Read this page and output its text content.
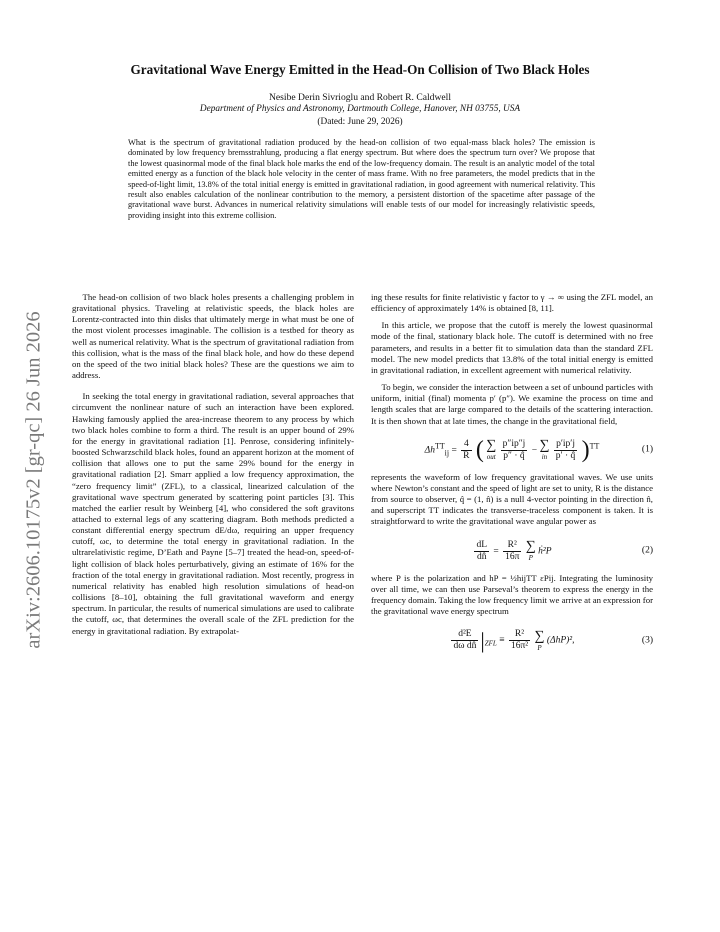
arXiv:2606.10175v2 [gr-qc] 26 Jun 2026
Gravitational Wave Energy Emitted in the Head-On Collision of Two Black Holes
Nesibe Derin Sivrioglu and Robert R. Caldwell
Department of Physics and Astronomy, Dartmouth College, Hanover, NH 03755, USA
(Dated: June 29, 2026)
What is the spectrum of gravitational radiation produced by the head-on collision of two equal-mass black holes? The emission is dominated by low frequency bremsstrahlung, producing a flat energy spectrum. But where does the spectrum turn over? We propose that the lowest quasinormal mode of the final black hole marks the end of the low-frequency domain. The result is an analytic model of the total emitted energy as a function of the black hole velocity in the center of mass frame. With no free parameters, the model predicts that in the speed-of-light limit, 13.8% of the total initial energy is emitted in gravitational radiation, in good agreement with numerical relativity. This result also enables calculation of the nonlinear contribution to the memory, a persistent distortion of the spacetime after passage of the gravitational wave burst. Advances in numerical relativity simulations will enable tests of our model for increasingly relativistic speeds, providing insight into this extreme collision.

The head-on collision of two black holes presents a challenging problem in gravitational physics. Traveling at relativistic speeds, the black holes are Lorentz-contracted into thin disks that ultimately merge in what must be one of the most violent processes imaginable. The collision is a testbed for theory as well as numerical relativity. What is the spectrum of gravitational radiation from this collision, what is the mass of the final black hole, and how do these depend on the speed of the two initial black holes? These are the questions we aim to address.

In seeking the total energy in gravitational radiation, several approaches that circumvent the nonlinear nature of such an interaction have been explored. Hawking famously applied the area-increase theorem to any process by which two black holes combine to form a third. The result is an upper bound of 29% for the energy in gravitational radiation [1]. Penrose, considering infinitely-boosted Schwarzschild black holes, found an apparent horizon at the moment of collision that allows one to put the same 29% bound for the energy in gravitational radiation [2]. Smarr applied a low frequency approximation, the “zero frequency limit” (ZFL), to a classical, linearized calculation of the gravitational wave spectrum generated by scattering point particles [3]. This matched the earlier result by Weinberg [4], who considered the soft gravitons attached to external legs of any scattering diagram. Both methods predicted a constant differential energy spectrum dE/dω, requiring an upper frequency cutoff, ωc, to determine the total energy in gravitational radiation. In the ultrarelativistic regime, D’Eath and Payne [5–7] treated the head-on, speed-of-light collision of black holes perturbatively, giving an estimate of 16% for the fraction of the total energy in gravitational radiation. Most recently, progress in numerical relativity has enabled high resolution simulations of head-on collisions [8–10], obtaining the full gravitational waveform and energy spectrum. In particular, the results of numerical simulations are used to calibrate the cutoff, ωc, that determines the overall scale of the ZFL prediction for the energy in gravitational radiation. By extrapolat-

ing these results for finite relativistic γ factor to γ → ∞ using the ZFL model, an efficiency of approximately 14% is obtained [8, 11].

In this article, we propose that the cutoff is merely the lowest quasinormal mode of the final, stationary black hole. The cutoff is determined with no free parameters, and results in a better fit to simulation data than the standard ZFL model. The new model predicts that 13.8% of the total initial energy is emitted in gravitational radiation, in excellent agreement with numerical relativity.

To begin, we consider the interaction between a set of unbound particles with uniform, initial (final) momenta p′ (p″). We examine the process on time and length scales that are large compared to the details of the scattering interaction. It is then shown that at late times, the change in the gravitational field,

$\Delta h^{TT}_{ij} = \frac{4}{R}$ ( ∑
out
$\frac{p''ip''j}{p'' \cdot q̂}$ − ∑
in
$\frac{p'ip'j}{p' \cdot q̂} )^{TT}$	(1)

represents the waveform of low frequency gravitational waves. We use units where Newton’s constant and the speed of light are set to unity, R is the distance from source to observer, q̂ = (1, n̂) is a null 4-vector pointing in the direction n̂, and superscript TT indicates the transverse-traceless component is taken. It is straightforward to write the gravitational wave angular power as

$\frac{dL}{dn̂} = \frac{\text{R²}}{16\pi}$ ∑
P
ḣ²P	(2)

where P is the polarization and hP = ½hijTT εPij. Integrating the luminosity over all time, we can then use Parseval’s theorem to express the energy in the frequency domain. Taking the low frequency limit we arrive at an expression for the gravitational wave energy spectrum

$\frac{\text{d²E}}{\text{dω dn̂}} |_{ZFL} \equiv \frac{\text{R²}}{\text{16π²}}$ ∑
P
(ΔhP)²,	(3)
